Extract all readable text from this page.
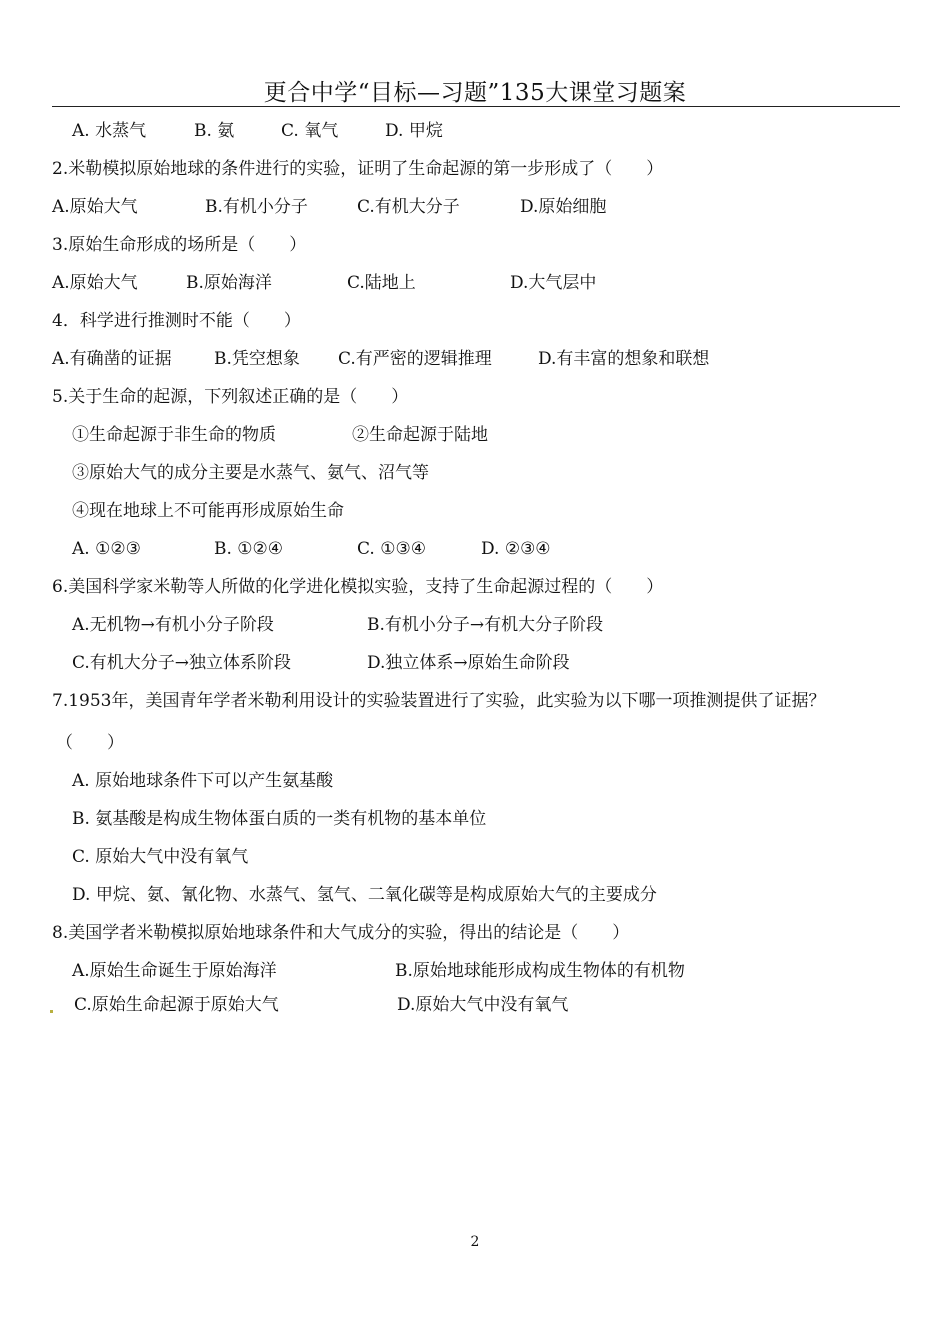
更合中学“目标—习题”135大课堂习题案
A. 水蒸气	B. 氨	C. 氧气	D. 甲烷
2.米勒模拟原始地球的条件进行的实验，证明了生命起源的第一步形成了（　　）
A.原始大气	B.有机小分子	C.有机大分子	D.原始细胞
3.原始生命形成的场所是（　　）
A.原始大气	B.原始海洋	C.陆地上	D.大气层中
4．科学进行推测时不能（　　）
A.有确凿的证据 B.凭空想象 C.有严密的逻辑推理	D.有丰富的想象和联想
5.关于生命的起源，下列叙述正确的是（　　）
①生命起源于非生命的物质	②生命起源于陆地
③原始大气的成分主要是水蒸气、氨气、沼气等
④现在地球上不可能再形成原始生命
A. ①②③	B. ①②④	C. ①③④	D. ②③④
6.美国科学家米勒等人所做的化学进化模拟实验，支持了生命起源过程的（　　）
A.无机物→有机小分子阶段	B.有机小分子→有机大分子阶段
C.有机大分子→独立体系阶段	D.独立体系→原始生命阶段
7.1953年，美国青年学者米勒利用设计的实验装置进行了实验，此实验为以下哪一项推测提供了证据？
（　　）
A. 原始地球条件下可以产生氨基酸
B. 氨基酸是构成生物体蛋白质的一类有机物的基本单位
C. 原始大气中没有氧气
D. 甲烷、氨、氰化物、水蒸气、氢气、二氧化碳等是构成原始大气的主要成分
8.美国学者米勒模拟原始地球条件和大气成分的实验，得出的结论是（　　）
A.原始生命诞生于原始海洋	B.原始地球能形成构成生物体的有机物
C.原始生命起源于原始大气	D.原始大气中没有氧气
2
